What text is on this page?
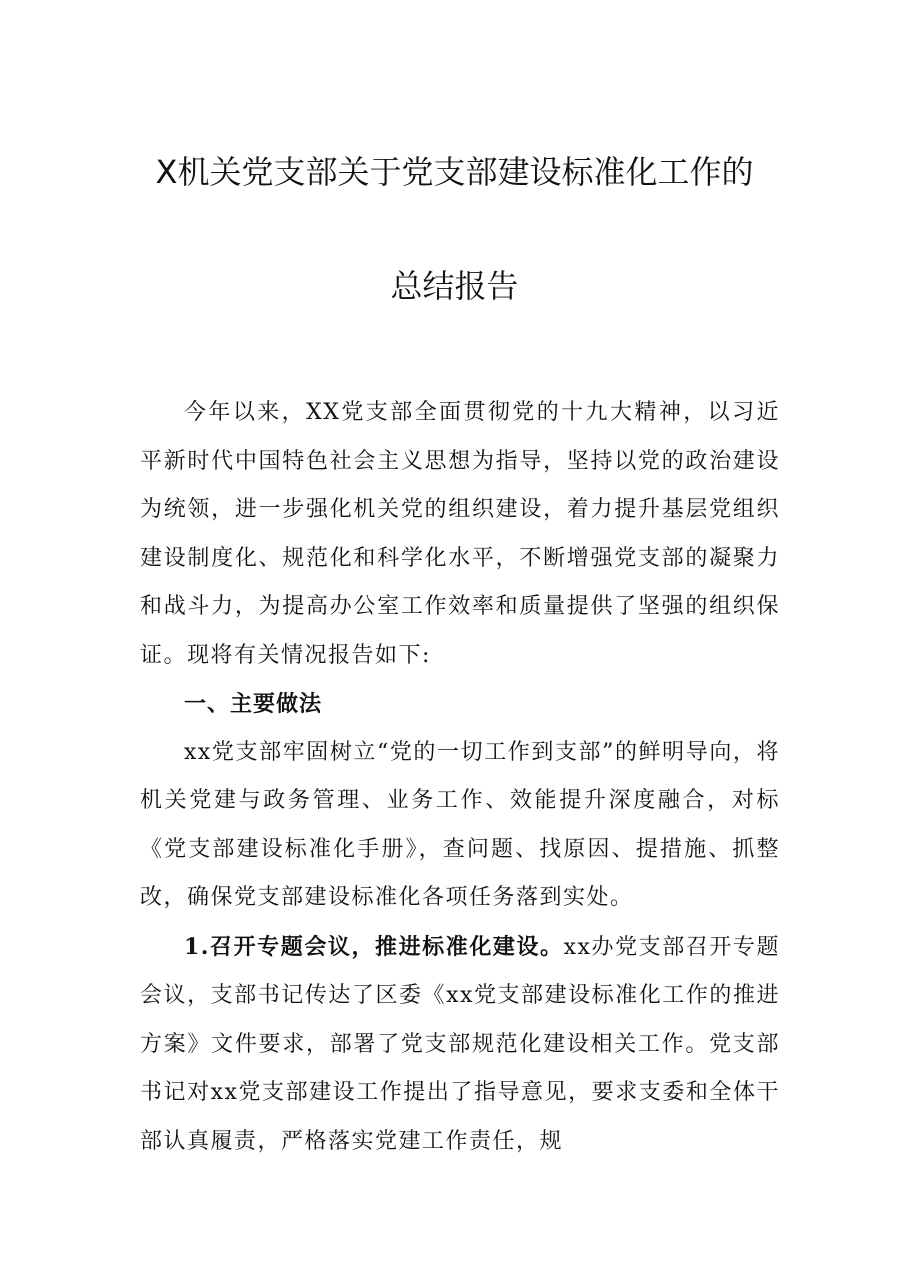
X机关党支部关于党支部建设标准化工作的
总结报告

今年以来，XX党支部全面贯彻党的十九大精神，以习近平新时代中国特色社会主义思想为指导，坚持以党的政治建设为统领，进一步强化机关党的组织建设，着力提升基层党组织建设制度化、规范化和科学化水平，不断增强党支部的凝聚力和战斗力，为提高办公室工作效率和质量提供了坚强的组织保证。现将有关情况报告如下:

一、主要做法

xx党支部牢固树立“党的一切工作到支部”的鲜明导向，将机关党建与政务管理、业务工作、效能提升深度融合，对标《党支部建设标准化手册》，查问题、找原因、提措施、抓整改，确保党支部建设标准化各项任务落到实处。

1.召开专题会议，推进标准化建设。xx办党支部召开专题会议，支部书记传达了区委《xx党支部建设标准化工作的推进方案》文件要求，部署了党支部规范化建设相关工作。党支部书记对xx党支部建设工作提出了指导意见，要求支委和全体干部认真履责，严格落实党建工作责任，规
